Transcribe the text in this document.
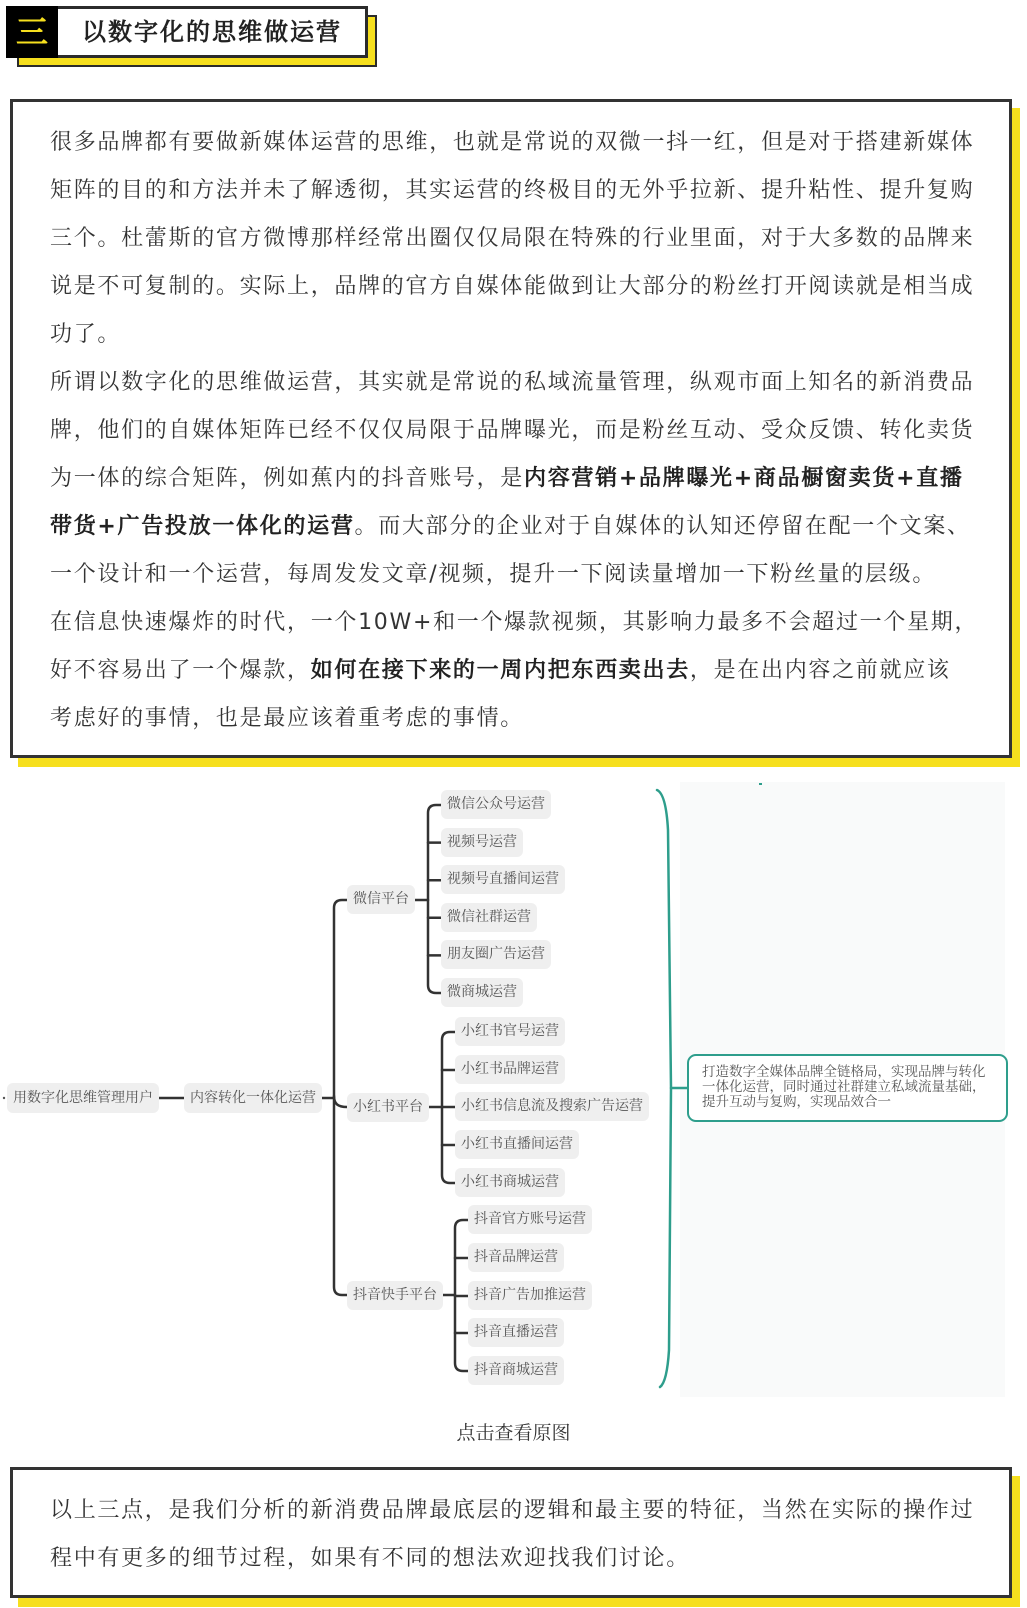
三	以数字化的思维做运营
很多品牌都有要做新媒体运营的思维，也就是常说的双微一抖一红，但是对于搭建新媒体
矩阵的目的和方法并未了解透彻，其实运营的终极目的无外乎拉新、提升粘性、提升复购
三个。杜蕾斯的官方微博那样经常出圈仅仅局限在特殊的行业里面，对于大多数的品牌来
说是不可复制的。实际上，品牌的官方自媒体能做到让大部分的粉丝打开阅读就是相当成
功了。
所谓以数字化的思维做运营，其实就是常说的私域流量管理，纵观市面上知名的新消费品
牌，他们的自媒体矩阵已经不仅仅局限于品牌曝光，而是粉丝互动、受众反馈、转化卖货
为一体的综合矩阵，例如蕉内的抖音账号，是内容营销+品牌曝光+商品橱窗卖货+直播
带货+广告投放一体化的运营。而大部分的企业对于自媒体的认知还停留在配一个文案、
一个设计和一个运营，每周发发文章/视频，提升一下阅读量增加一下粉丝量的层级。
在信息快速爆炸的时代，一个10W+和一个爆款视频，其影响力最多不会超过一个星期，
好不容易出了一个爆款，如何在接下来的一周内把东西卖出去，是在出内容之前就应该
考虑好的事情，也是最应该着重考虑的事情。
用数字化思维管理用户	内容转化一体化运营
微信平台
小红书平台
抖音快手平台
微信公众号运营
视频号运营
视频号直播间运营
微信社群运营
朋友圈广告运营
微商城运营
小红书官号运营
小红书品牌运营
小红书信息流及搜索广告运营
小红书直播间运营
小红书商城运营
抖音官方账号运营
抖音品牌运营
抖音广告加推运营
抖音直播运营
抖音商城运营
打造数字全媒体品牌全链格局，实现品牌与转化
一体化运营，同时通过社群建立私域流量基础，
提升互动与复购，实现品效合一
点击查看原图
以上三点，是我们分析的新消费品牌最底层的逻辑和最主要的特征，当然在实际的操作过
程中有更多的细节过程，如果有不同的想法欢迎找我们讨论。
